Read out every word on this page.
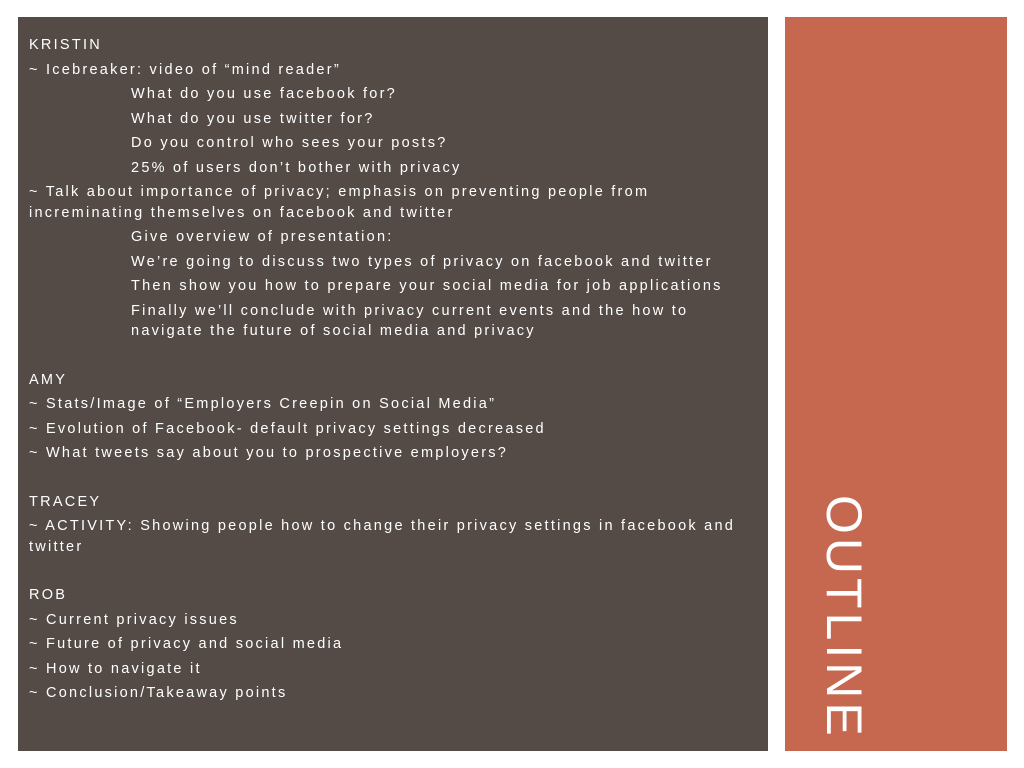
KRISTIN
~ Icebreaker: video of “mind reader”
What do you use facebook for?
What do you use twitter for?
Do you control who sees your posts?
25% of users don’t bother with privacy
~ Talk about importance of privacy; emphasis on preventing people from increminating themselves on facebook and twitter
Give overview of presentation:
We’re going to discuss two types of privacy on facebook and twitter
Then show you how to prepare your social media for job applications
Finally we’ll conclude with privacy current events and the how to navigate the future of social media and privacy
AMY
~ Stats/Image of “Employers Creepin on Social Media”
~ Evolution of Facebook- default privacy settings decreased
~ What tweets say about you to prospective employers?
TRACEY
~ ACTIVITY: Showing people how to change their privacy settings in facebook and twitter
ROB
~ Current privacy issues
~ Future of privacy and social media
~ How to navigate it
~ Conclusion/Takeaway points	OUTLINE
